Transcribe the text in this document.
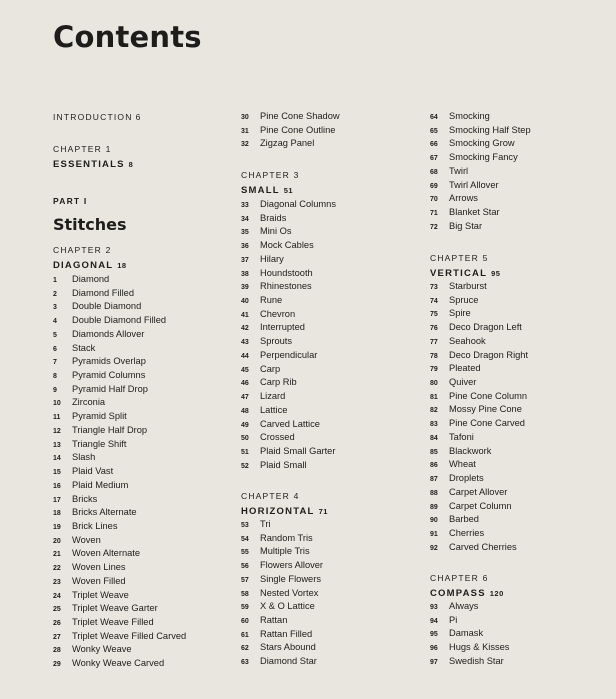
Contents
INTRODUCTION 6
CHAPTER 1
ESSENTIALS 8
PART I
Stitches
CHAPTER 2
DIAGONAL 18
1 Diamond
2 Diamond Filled
3 Double Diamond
4 Double Diamond Filled
5 Diamonds Allover
6 Stack
7 Pyramids Overlap
8 Pyramid Columns
9 Pyramid Half Drop
10 Zirconia
11 Pyramid Split
12 Triangle Half Drop
13 Triangle Shift
14 Slash
15 Plaid Vast
16 Plaid Medium
17 Bricks
18 Bricks Alternate
19 Brick Lines
20 Woven
21 Woven Alternate
22 Woven Lines
23 Woven Filled
24 Triplet Weave
25 Triplet Weave Garter
26 Triplet Weave Filled
27 Triplet Weave Filled Carved
28 Wonky Weave
29 Wonky Weave Carved
CHAPTER 3
SMALL 51
CHAPTER 4
HORIZONTAL 71
30 Pine Cone Shadow
31 Pine Cone Outline
32 Zigzag Panel
33 Diagonal Columns
34 Braids
35 Mini Os
36 Mock Cables
37 Hilary
38 Houndstooth
39 Rhinestones
40 Rune
41 Chevron
42 Interrupted
43 Sprouts
44 Perpendicular
45 Carp
46 Carp Rib
47 Lizard
48 Lattice
49 Carved Lattice
50 Crossed
51 Plaid Small Garter
52 Plaid Small
53 Tri
54 Random Tris
55 Multiple Tris
56 Flowers Allover
57 Single Flowers
58 Nested Vortex
59 X & O Lattice
60 Rattan
61 Rattan Filled
62 Stars Abound
63 Diamond Star
CHAPTER 5
VERTICAL 95
CHAPTER 6
COMPASS 120
64 Smocking
65 Smocking Half Step
66 Smocking Grow
67 Smocking Fancy
68 Twirl
69 Twirl Allover
70 Arrows
71 Blanket Star
72 Big Star
73 Starburst
74 Spruce
75 Spire
76 Deco Dragon Left
77 Seahook
78 Deco Dragon Right
79 Pleated
80 Quiver
81 Pine Cone Column
82 Mossy Pine Cone
83 Pine Cone Carved
84 Tafoni
85 Blackwork
86 Wheat
87 Droplets
88 Carpet Allover
89 Carpet Column
90 Barbed
91 Cherries
92 Carved Cherries
93 Always
94 Pi
95 Damask
96 Hugs & Kisses
97 Swedish Star
